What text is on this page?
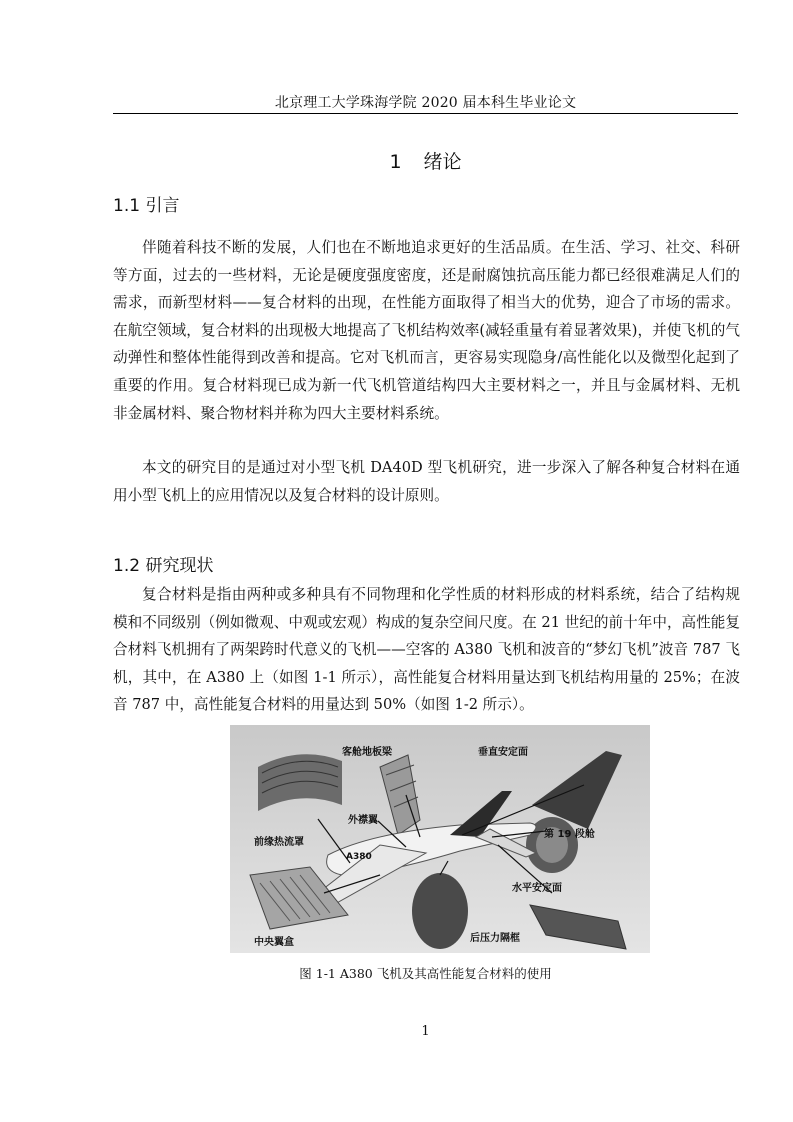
北京理工大学珠海学院 2020 届本科生毕业论文
1 绪论
1.1 引言

伴随着科技不断的发展，人们也在不断地追求更好的生活品质。在生活、学习、社交、科研等方面，过去的一些材料，无论是硬度强度密度，还是耐腐蚀抗高压能力都已经很难满足人们的需求，而新型材料——复合材料的出现，在性能方面取得了相当大的优势，迎合了市场的需求。在航空领域，复合材料的出现极大地提高了飞机结构效率(减轻重量有着显著效果)，并使飞机的气动弹性和整体性能得到改善和提高。它对飞机而言，更容易实现隐身/高性能化以及微型化起到了重要的作用。复合材料现已成为新一代飞机管道结构四大主要材料之一，并且与金属材料、无机非金属材料、聚合物材料并称为四大主要材料系统。

本文的研究目的是通过对小型飞机 DA40D 型飞机研究，进一步深入了解各种复合材料在通用小型飞机上的应用情况以及复合材料的设计原则。

1.2 研究现状

复合材料是指由两种或多种具有不同物理和化学性质的材料形成的材料系统，结合了结构规模和不同级别（例如微观、中观或宏观）构成的复杂空间尺度。在 21 世纪的前十年中，高性能复合材料飞机拥有了两架跨时代意义的飞机——空客的 A380 飞机和波音的“梦幻飞机”波音 787 飞机，其中，在 A380 上（如图 1-1 所示），高性能复合材料用量达到飞机结构用量的 25%；在波音 787 中，高性能复合材料的用量达到 50%（如图 1-2 所示）。

A380
客舱地板梁	垂直安定面
外襟翼
前缘热流罩
第 19 段舱
水平安定面
中央翼盒	后压力隔框
图 1-1 A380 飞机及其高性能复合材料的使用
1
